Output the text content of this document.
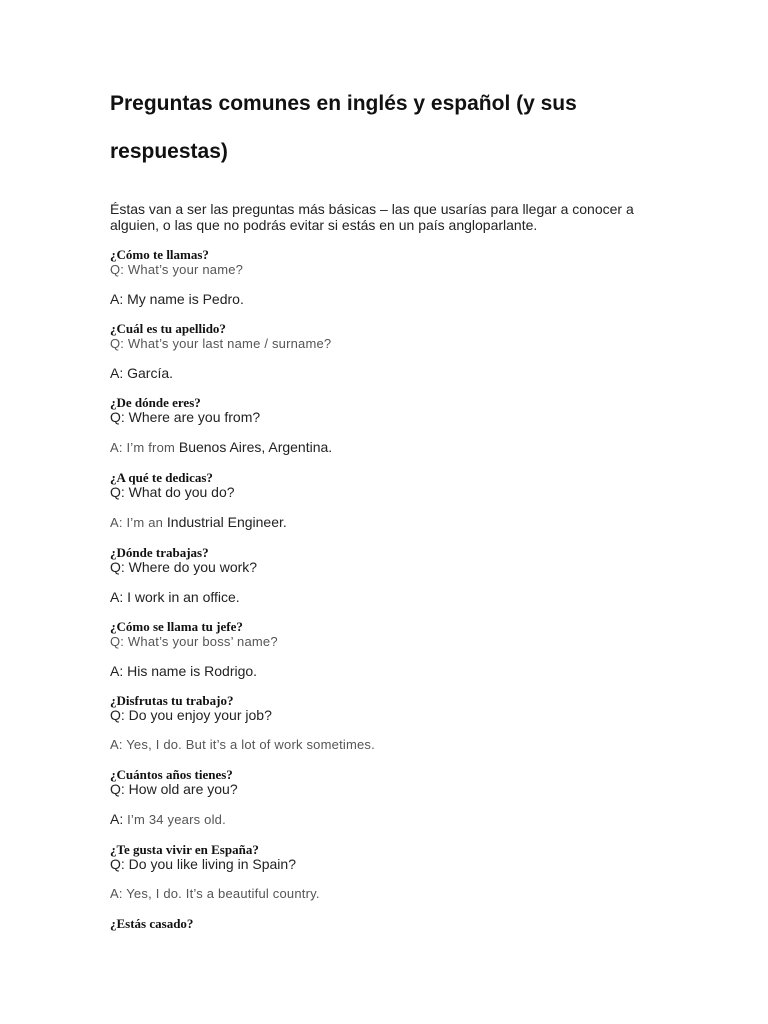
Preguntas comunes en inglés y español (y sus respuestas)

Éstas van a ser las preguntas más básicas – las que usarías para llegar a conocer a alguien, o las que no podrás evitar si estás en un país angloparlante.

¿Cómo te llamas?
Q: What’s your name?
A: My name is Pedro.
¿Cuál es tu apellido?
Q: What’s your last name / surname?
A: García.
¿De dónde eres?
Q: Where are you from?
A: I’m from Buenos Aires, Argentina.
¿A qué te dedicas?
Q: What do you do?
A: I’m an Industrial Engineer.
¿Dónde trabajas?
Q: Where do you work?
A: I work in an office.
¿Cómo se llama tu jefe?
Q: What’s your boss’ name?
A: His name is Rodrigo.
¿Disfrutas tu trabajo?
Q: Do you enjoy your job?
A: Yes, I do. But it’s a lot of work sometimes.
¿Cuántos años tienes?
Q: How old are you?
A: I’m 34 years old.
¿Te gusta vivir en España?
Q: Do you like living in Spain?
A: Yes, I do. It’s a beautiful country.
¿Estás casado?
